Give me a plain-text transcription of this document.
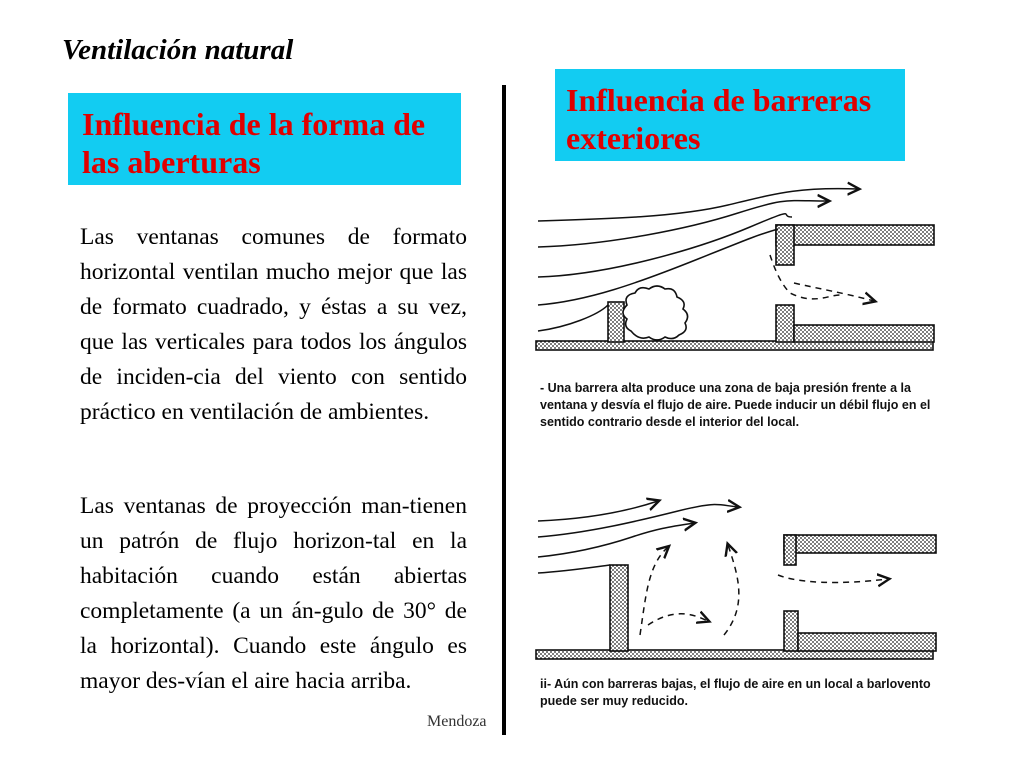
Ventilación natural
Influencia de la forma de las aberturas
Influencia de barreras exteriores
Las ventanas comunes de formato horizontal ventilan mucho mejor que las de formato cuadrado, y éstas a su vez, que las verticales para todos los ángulos de inciden-cia del viento con sentido práctico en ventilación de ambientes.
Las ventanas de proyección man-tienen un patrón de flujo horizon-tal en la habitación cuando están abiertas completamente (a un án-gulo de 30° de la horizontal). Cuando este ángulo es mayor des-vían el aire hacia arriba.
Mendoza
- Una barrera alta produce una zona de baja presión frente a la ventana y desvía el flujo de aire. Puede inducir un débil flujo en el sentido contrario desde el interior del local.
ii- Aún con barreras bajas, el flujo de aire en un local a barlovento puede ser muy reducido.
